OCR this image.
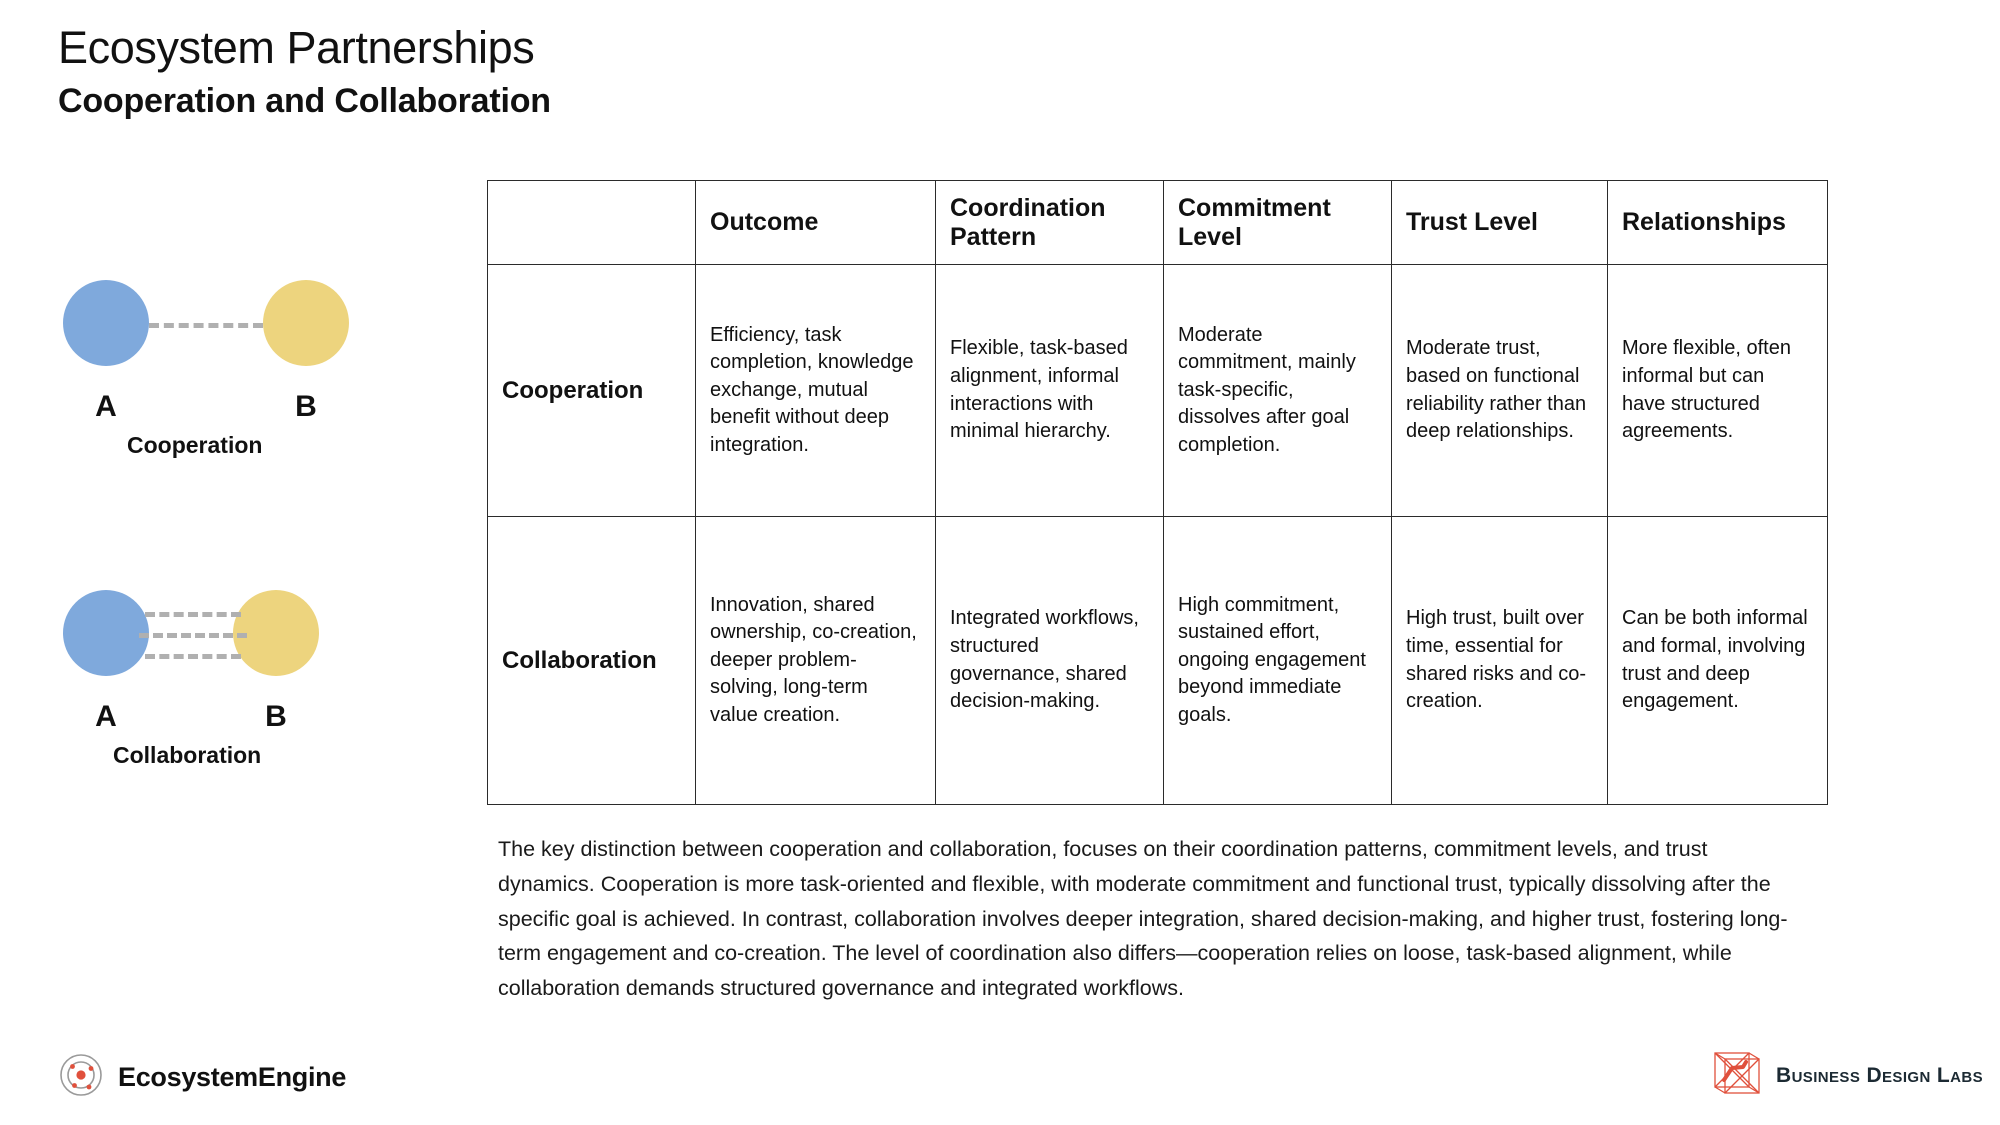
Ecosystem Partnerships
Cooperation and Collaboration
A	B
Cooperation
A	B
Collaboration
	Outcome	Coordination Pattern	Commitment Level	Trust Level	Relationships
Cooperation	Efficiency, task completion, knowledge exchange, mutual benefit without deep integration.	Flexible, task-based alignment, informal interactions with minimal hierarchy.	Moderate commitment, mainly task-specific, dissolves after goal completion.	Moderate trust, based on functional reliability rather than deep relationships.	More flexible, often informal but can have structured agreements.
Collaboration	Innovation, shared ownership, co-creation, deeper problem-solving, long-term value creation.	Integrated workflows, structured governance, shared decision-making.	High commitment, sustained effort, ongoing engagement beyond immediate goals.	High trust, built over time, essential for shared risks and co-creation.	Can be both informal and formal, involving trust and deep engagement.
The key distinction between cooperation and collaboration, focuses on their coordination patterns, commitment levels, and trust dynamics. Cooperation is more task-oriented and flexible, with moderate commitment and functional trust, typically dissolving after the specific goal is achieved. In contrast, collaboration involves deeper integration, shared decision-making, and higher trust, fostering long-term engagement and co-creation. The level of coordination also differs—cooperation relies on loose, task-based alignment, while collaboration demands structured governance and integrated workflows.
EcosystemEngine	Business Design Labs
